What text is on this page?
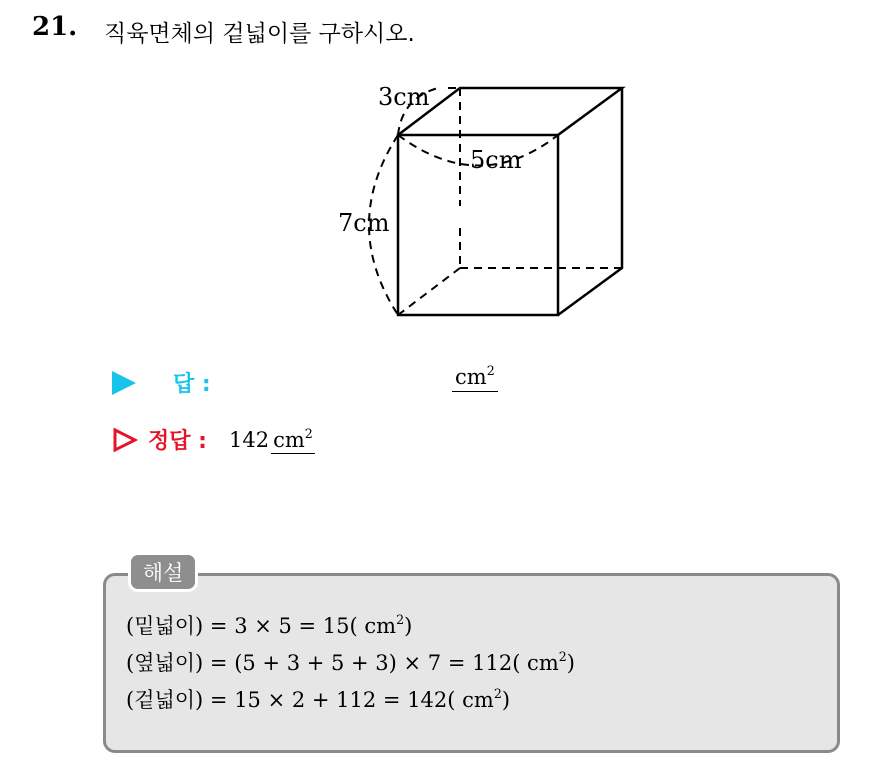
21. 직육면체의 겉넓이를 구하시오.
3cm
5cm
7cm
답 :	$cm^2$
정답 : 142 $cm^2$
해설
(밑넓이) = 3 × 5 = 15( $cm^2$)
(옆넓이) = (5 + 3 + 5 + 3) × 7 = 112( $cm^2$)
(겉넓이) = 15 × 2 + 112 = 142( $cm^2$)
